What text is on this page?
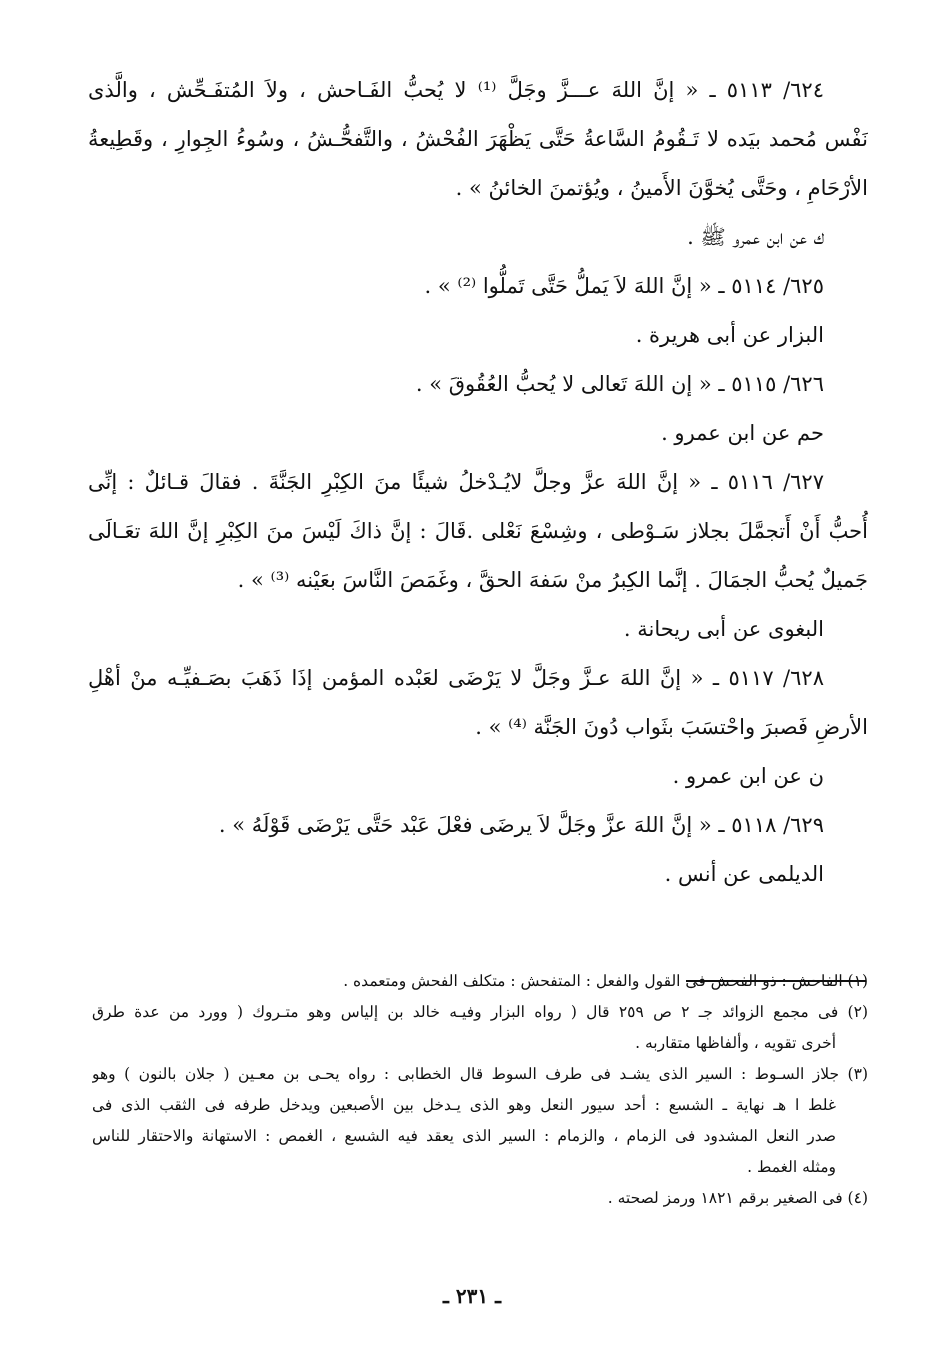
٦٢٤/ ٥١١٣ ـ « إنَّ اللهَ عـــزَّ وجَلَّ ⁽¹⁾ لا يُحبُّ الفَـاحش ، ولاَ المُتفَـحِّش ، والَّذى
نَفْس مُحمد بيَده لا تَـقُومُ السَّاعةُ حَتَّى يَظْهَرَ الفُحْشُ ، والتَّفحُّـشُ ، وسُوءُ الجِوارِ ، وقَطِيعةُ
الأرْحَامِ ، وحَتَّى يُخوَّنَ الأَمينُ ، ويُؤتمنَ الخائنُ » .
ك عن ابن عمرو ﷺ .
٦٢٥/ ٥١١٤ ـ « إنَّ اللهَ لاَ يَملُّ حَتَّى تَملُّوا ⁽²⁾ » .
البزار عن أبى هريرة .
٦٢٦/ ٥١١٥ ـ « إن اللهَ تَعالى لا يُحبُّ العُقُوقَ » .
حم عن ابن عمرو .
٦٢٧/ ٥١١٦ ـ « إنَّ اللهَ عزَّ وجلَّ لايُـدْخلُ شيئًا منَ الكِبْرِ الجَنَّةَ . فقالَ قـائلٌ : إنِّى
أُحبُّ أَنْ أَتجمَّلَ بجلاز سَـوْطى ، وشِسْعَ نَعْلى .قَالَ : إنَّ ذاكَ لَيْسَ منَ الكِبْرِ إنَّ اللهَ تعَـالَى
جَميلٌ يُحبُّ الجمَالَ . إنَّما الكِبرُ منْ سَفهَ الحقَّ ، وغَمَصَ النَّاسَ بعَيْنه ⁽³⁾ » .
البغوى عن أبى ريحانة .
٦٢٨/ ٥١١٧ ـ « إنَّ اللهَ عـزَّ وجَلَّ لا يَرْضَى لعَبْده المؤمن إذَا ذَهَبَ بصَـفيِّـه منْ أهْلِ
الأرضِ فَصبرَ واحْتسَبَ بثَواب دُونَ الجَنَّة ⁽⁴⁾ » .
ن عن ابن عمرو .
٦٢٩/ ٥١١٨ ـ « إنَّ اللهَ عزَّ وجَلَّ لاَ يرضَى فعْلَ عَبْد حَتَّى يَرْضَى قَوْلَهُ » .
الديلمى عن أنس .
(١) الفاحش : ذو الفحش فى القول والفعل : المتفحش : متكلف الفحش ومتعمده .
(٢) فى مجمع الزوائد جـ ٢ ص ٢٥٩ قال ( رواه البزار وفيـه خالد بن إلياس وهو متـروك ( وورد من عدة طرق
أخرى تقويه ، وألفاظها متقاربه .
(٣) جلاز السـوط : السير الذى يشـد فى طرف السوط قال الخطابى : رواه يحـى بن معـين ( جلان بالنون ) وهو
غلط ا هـ نهاية ـ الشسع : أحد سيور النعل وهو الذى يـدخل بين الأصبعين ويدخل طرفه فى الثقب الذى فى
صدر النعل المشدود فى الزمام ، والزمام : السير الذى يعقد فيه الشسع ، الغمص : الاستهانة والاحتقار للناس
ومثله الغمط .
(٤) فى الصغير برقم ١٨٢١ ورمز لصحته .
ـ ٢٣١ ـ
